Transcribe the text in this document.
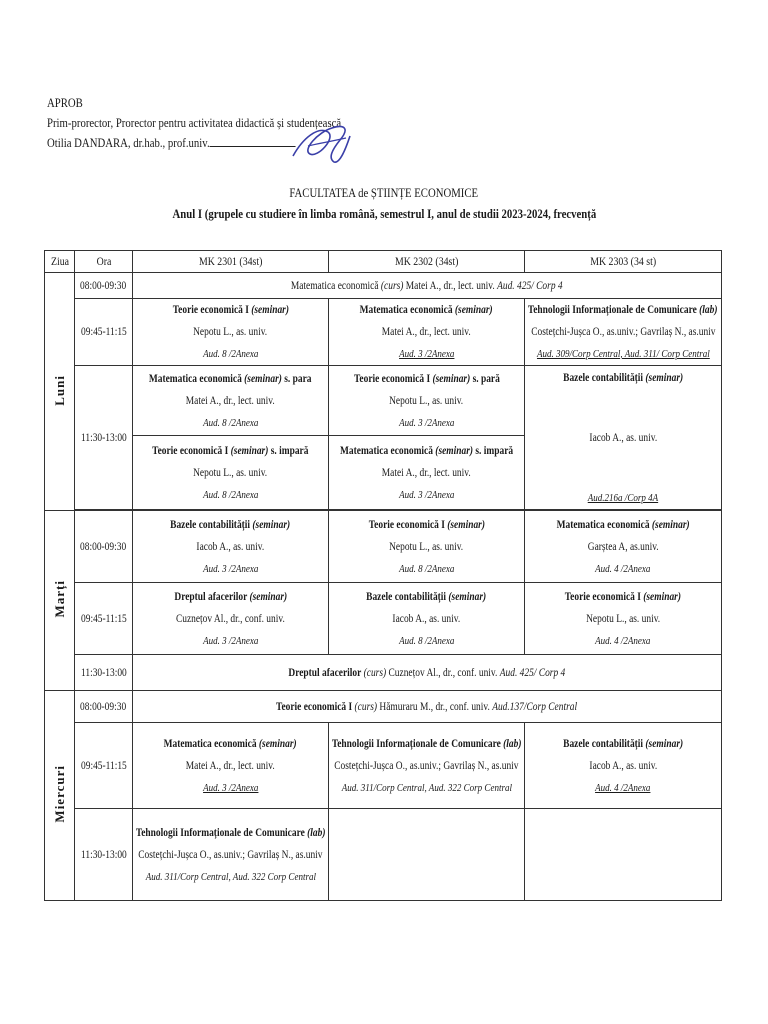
APROB
Prim-prorector, Prorector pentru activitatea didactică și studențească
Otilia DANDARA, dr.hab., prof.univ.
FACULTATEA de ȘTIINȚE ECONOMICE
Anul I (grupele cu studiere în limba română, semestrul I, anul de studii 2023-2024, frecvență
Ziua	Ora	MK 2301 (34st)	MK 2302 (34st)	MK 2303 (34 st)
Luni	08:00-09:30	Matematica economică (curs) Matei A., dr., lect. univ. Aud. 425/ Corp 4		
	09:45-11:15	Teorie economică I (seminar)
Nepotu L., as. univ.
Aud. 8 /2Anexa	Matematica economică (seminar)
Matei A., dr., lect. univ.
Aud. 3 /2Anexa	Tehnologii Informaționale de Comunicare (lab)
Costețchi-Jușca O., as.univ.; Gavrilaș N., as.univ
Aud. 309/Corp Central, Aud. 311/ Corp Central

	11:30-13:00	Matematica economică (seminar) s. para
Matei A., dr., lect. univ.
Aud. 8 /2Anexa	Teorie economică I (seminar) s. pară
Nepotu L., as. univ.
Aud. 3 /2Anexa	Bazele contabilității (seminar)
Iacob A., as. univ.
Aud.216a /Corp 4A

		Teorie economică I (seminar) s. impară
Nepotu L., as. univ.
Aud. 8 /2Anexa	Matematica economică (seminar) s. impară
Matei A., dr., lect. univ.
Aud. 3 /2Anexa	

Marți	08:00-09:30	Bazele contabilității (seminar)
Iacob A., as. univ.
Aud. 3 /2Anexa	Teorie economică I (seminar)
Nepotu L., as. univ.
Aud. 8 /2Anexa	Matematica economică (seminar)
Garștea A, as.univ.
Aud. 4 /2Anexa

	09:45-11:15	Dreptul afacerilor (seminar)
Cuznețov Al., dr., conf. univ.
Aud. 3 /2Anexa	Bazele contabilității (seminar)
Iacob A., as. univ.
Aud. 8 /2Anexa	Teorie economică I (seminar)
Nepotu L., as. univ.
Aud. 4 /2Anexa

	11:30-13:00	Dreptul afacerilor (curs) Cuznețov Al., dr., conf. univ. Aud. 425/ Corp 4		
Miercuri	08:00-09:30	Teorie economică I (curs) Hămuraru M., dr., conf. univ. Aud.137/Corp Central		
	09:45-11:15	Matematica economică (seminar)
Matei A., dr., lect. univ.
Aud. 3 /2Anexa	Tehnologii Informaționale de Comunicare (lab)
Costețchi-Jușca O., as.univ.; Gavrilaș N., as.univ
Aud. 311/Corp Central, Aud. 322 Corp Central	Bazele contabilității (seminar)
Iacob A., as. univ.
Aud. 4 /2Anexa

	11:30-13:00	Tehnologii Informaționale de Comunicare (lab)
Costețchi-Jușca O., as.univ.; Gavrilaș N., as.univ
Aud. 311/Corp Central, Aud. 322 Corp Central		
